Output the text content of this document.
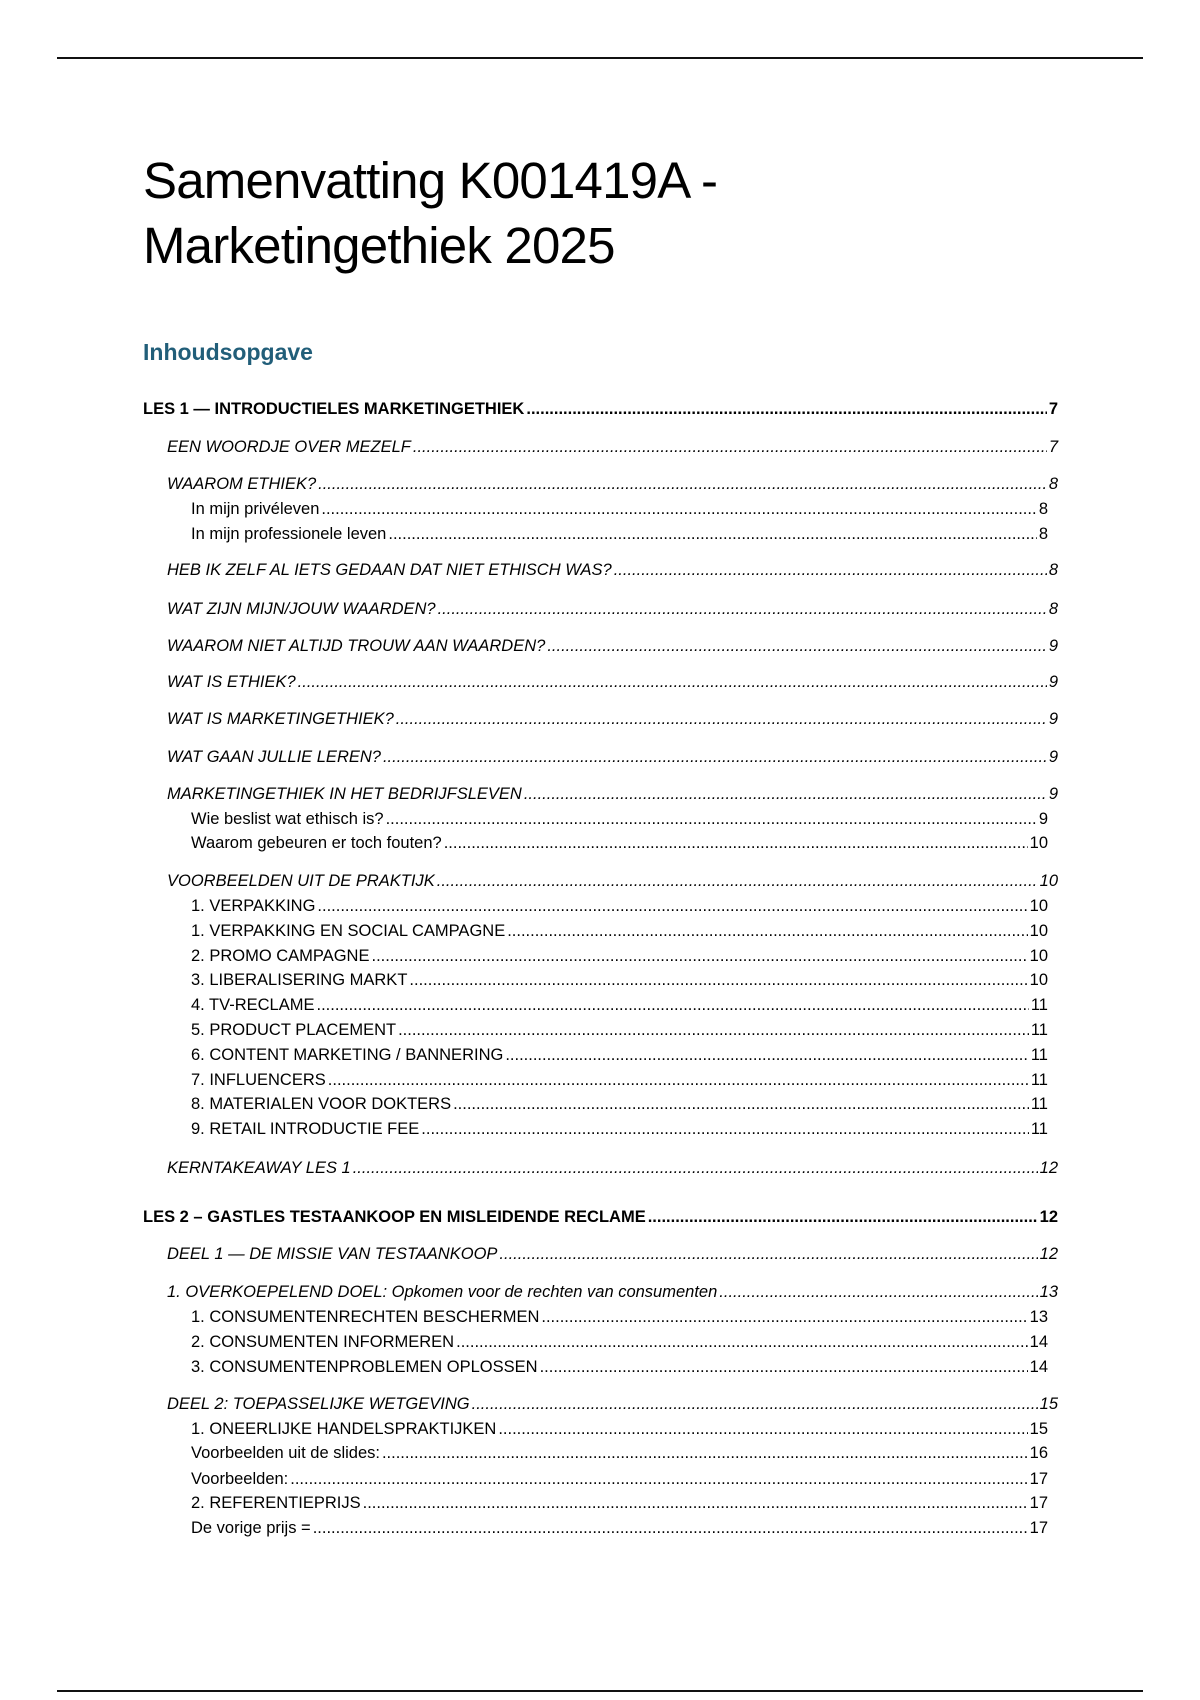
Samenvatting K001419A -
Marketingethiek 2025
Inhoudsopgave
LES 1 — INTRODUCTIELES MARKETINGETHIEK .....	7
EEN WOORDJE OVER MEZELF .....	7
WAAROM ETHIEK? .....	8
In mijn privéleven .....	8
In mijn professionele leven .....	8
HEB IK ZELF AL IETS GEDAAN DAT NIET ETHISCH WAS? .....	8
WAT ZIJN MIJN/JOUW WAARDEN? .....	8
WAAROM NIET ALTIJD TROUW AAN WAARDEN? .....	9
WAT IS ETHIEK? .....	9
WAT IS MARKETINGETHIEK? .....	9
WAT GAAN JULLIE LEREN? .....	9
MARKETINGETHIEK IN HET BEDRIJFSLEVEN .....	9
Wie beslist wat ethisch is? .....	9
Waarom gebeuren er toch fouten? .....	10
VOORBEELDEN UIT DE PRAKTIJK .....	10
1. VERPAKKING .....	10
1. VERPAKKING EN SOCIAL CAMPAGNE .....	10
2. PROMO CAMPAGNE .....	10
3. LIBERALISERING MARKT .....	10
4. TV-RECLAME .....	11
5. PRODUCT PLACEMENT .....	11
6. CONTENT MARKETING / BANNERING .....	11
7. INFLUENCERS .....	11
8. MATERIALEN VOOR DOKTERS .....	11
9. RETAIL INTRODUCTIE FEE .....	11
KERNTAKEAWAY LES 1 .....	12
LES 2 – GASTLES TESTAANKOOP EN MISLEIDENDE RECLAME .....	12
DEEL 1 — DE MISSIE VAN TESTAANKOOP .....	12
1. OVERKOEPELEND DOEL: Opkomen voor de rechten van consumenten .....	13
1. CONSUMENTENRECHTEN BESCHERMEN .....	13
2. CONSUMENTEN INFORMEREN .....	14
3. CONSUMENTENPROBLEMEN OPLOSSEN .....	14
DEEL 2: TOEPASSELIJKE WETGEVING .....	15
1. ONEERLIJKE HANDELSPRAKTIJKEN .....	15
Voorbeelden uit de slides: .....	16
Voorbeelden: .....	17
2. REFERENTIEPRIJS .....	17
De vorige prijs = .....	17
